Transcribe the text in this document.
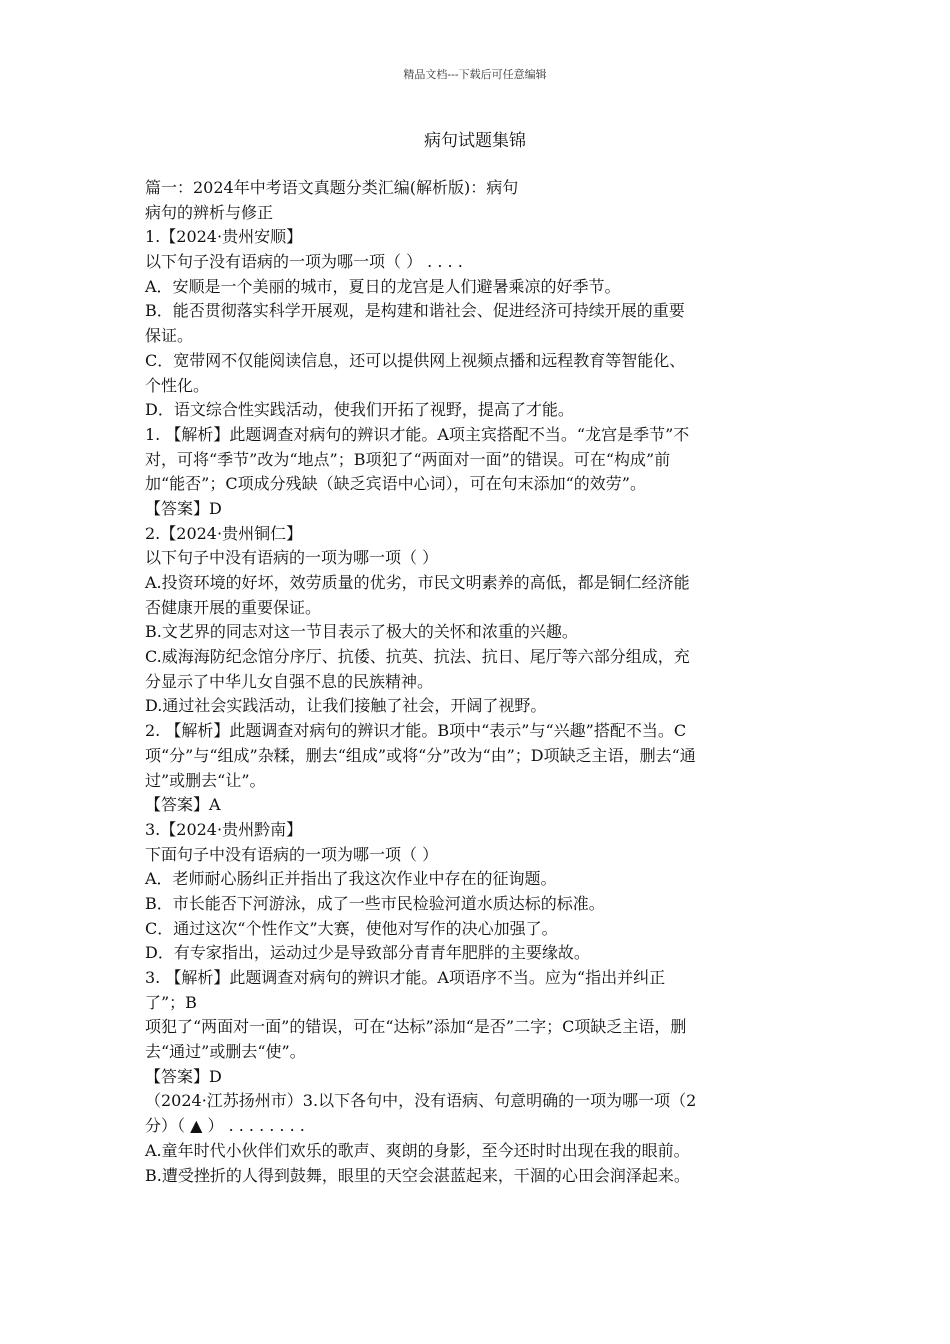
精品文档---下载后可任意编辑
病句试题集锦
篇一：2024年中考语文真题分类汇编(解析版)：病句
病句的辨析与修正
1.【2024·贵州安顺】
以下句子没有语病的一项为哪一项（ ） . . . .
A．安顺是一个美丽的城市，夏日的龙宫是人们避暑乘凉的好季节。
B．能否贯彻落实科学开展观，是构建和谐社会、促进经济可持续开展的重要
保证。
C．宽带网不仅能阅读信息，还可以提供网上视频点播和远程教育等智能化、
个性化。
D．语文综合性实践活动，使我们开拓了视野，提高了才能。
1. 【解析】此题调查对病句的辨识才能。A项主宾搭配不当。“龙宫是季节”不
对，可将“季节”改为“地点”；B项犯了“两面对一面”的错误。可在“构成”前
加“能否”；C项成分残缺（缺乏宾语中心词），可在句末添加“的效劳”。
【答案】D
2.【2024·贵州铜仁】
以下句子中没有语病的一项为哪一项（ ）
A.投资环境的好坏，效劳质量的优劣，市民文明素养的高低，都是铜仁经济能
否健康开展的重要保证。
B.文艺界的同志对这一节目表示了极大的关怀和浓重的兴趣。
C.威海海防纪念馆分序厅、抗倭、抗英、抗法、抗日、尾厅等六部分组成，充
分显示了中华儿女自强不息的民族精神。
D.通过社会实践活动，让我们接触了社会，开阔了视野。
2. 【解析】此题调查对病句的辨识才能。B项中“表示”与“兴趣”搭配不当。C
项“分”与“组成”杂糅，删去“组成”或将“分”改为“由”；D项缺乏主语，删去“通
过”或删去“让”。
【答案】A
3.【2024·贵州黔南】
下面句子中没有语病的一项为哪一项（ ）
A．老师耐心肠纠正并指出了我这次作业中存在的征询题。
B．市长能否下河游泳，成了一些市民检验河道水质达标的标准。
C．通过这次“个性作文”大赛，使他对写作的决心加强了。
D．有专家指出，运动过少是导致部分青青年肥胖的主要缘故。
3. 【解析】此题调查对病句的辨识才能。A项语序不当。应为“指出并纠正
了”；B
项犯了“两面对一面”的错误，可在“达标”添加“是否”二字；C项缺乏主语，删
去“通过”或删去“使”。
【答案】D
（2024·江苏扬州市）3.以下各句中，没有语病、句意明确的一项为哪一项（2
分）（ ▲ ） . . . . . . . .
A.童年时代小伙伴们欢乐的歌声、爽朗的身影，至今还时时出现在我的眼前。
B.遭受挫折的人得到鼓舞，眼里的天空会湛蓝起来，干涸的心田会润泽起来。
